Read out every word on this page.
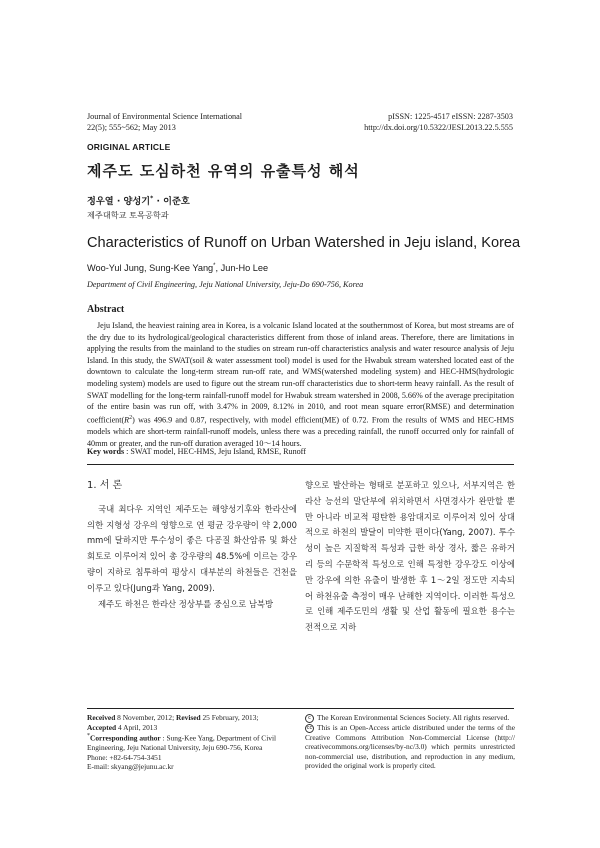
Journal of Environmental Science International
22(5); 555~562; May 2013
pISSN: 1225-4517 eISSN: 2287-3503
http://dx.doi.org/10.5322/JESI.2013.22.5.555
ORIGINAL ARTICLE
제주도 도심하천 유역의 유출특성 해석
정우열 · 양성기* · 이준호
제주대학교 토목공학과
Characteristics of Runoff on Urban Watershed in Jeju island, Korea
Woo-Yul Jung, Sung-Kee Yang*, Jun-Ho Lee
Department of Civil Engineering, Jeju National University, Jeju-Do 690-756, Korea
Abstract
Jeju Island, the heaviest raining area in Korea, is a volcanic Island located at the southernmost of Korea, but most streams are of the dry due to its hydrological/geological characteristics different from those of inland areas. Therefore, there are limitations in applying the results from the mainland to the studies on stream run-off characteristics analysis and water resource analysis of Jeju Island. In this study, the SWAT(soil & water assessment tool) model is used for the Hwabuk stream watershed located east of the downtown to calculate the long-term stream run-off rate, and WMS(watershed modeling system) and HEC-HMS(hydrologic modeling system) models are used to figure out the stream run-off characteristics due to short-term heavy rainfall. As the result of SWAT modelling for the long-term rainfall-runoff model for Hwabuk stream watershed in 2008, 5.66% of the average precipitation of the entire basin was run off, with 3.47% in 2009, 8.12% in 2010, and root mean square error(RMSE) and determination $coefficient(R^2)$ was 496.9 and 0.87, respectively, with model efficient(ME) of 0.72. From the results of WMS and HEC-HMS models which are short-term rainfall-runoff models, unless there was a preceding rainfall, the runoff occurred only for rainfall of 40mm or greater, and the run-off duration averaged 10～14 hours.
Key words : SWAT model, HEC-HMS, Jeju Island, RMSE, Runoff
1. 서 론
국내 최다우 지역인 제주도는 해양성기후와 한라산에 의한 지형성 강우의 영향으로 연 평균 강우량이 약 2,000 mm에 달하지만 투수성이 좋은 다공질 화산암류 및 화산회토로 이루어져 있어 총 강우량의 48.5%에 이르는 강우량이 지하로 침투하여 평상시 대부분의 하천들은 건천을 이루고 있다(Jung과 Yang, 2009).
제주도 하천은 한라산 정상부를 중심으로 남북방
향으로 발산하는 형태로 분포하고 있으나, 서부지역은 한라산 능선의 말단부에 위치하면서 사면경사가 완만할 뿐만 아니라 비교적 평탄한 용암대지로 이루어져 있어 상대적으로 하천의 발달이 미약한 편이다(Yang, 2007). 투수성이 높은 지질학적 특성과 급한 하상 경사, 짧은 유하거리 등의 수문학적 특성으로 인해 특정한 강우강도 이상에만 강우에 의한 유출이 발생한 후 1～2일 정도만 지속되어 하천유출 측정이 매우 난해한 지역이다. 이러한 특성으로 인해 제주도민의 생활 및 산업 활동에 필요한 용수는 전적으로 지하
Received 8 November, 2012; Revised 25 February, 2013;
Accepted 4 April, 2013
*Corresponding author : Sung-Kee Yang, Department of Civil Engineering, Jeju National University, Jeju 690-756, Korea
Phone: +82-64-754-3451
E-mail: skyang@jejunu.ac.kr
c The Korean Environmental Sciences Society. All rights reserved.
cc This is an Open-Access article distributed under the terms of the Creative Commons Attribution Non-Commercial License (http:// creativecommons.org/licenses/by-nc/3.0) which permits unrestricted non-commercial use, distribution, and reproduction in any medium, provided the original work is properly cited.
